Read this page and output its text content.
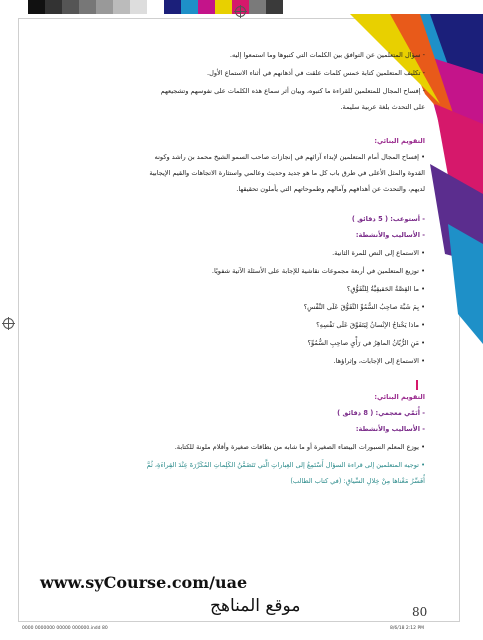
- سؤال المتعلمين عن التوافق بين الكلمات التي كتبوها وما استمعوا إليه.
- تكليف المتعلمين كتابة خمس كلمات علقت في أذهانهم في أثناء الاستماع الأول.
- إفساح المجال للمتعلمين للقراءة ما كتبوه، وبيان أثر سماع هذه الكلمات على نفوسهم وتشجيعهم
على التحدث بلغة عربية سليمة.
التقويم البنائي:
• إفساح المجال أمام المتعلمين لإبداء آرائهم في إنجازات صاحب السمو الشيخ محمد بن راشد وكونه
القدوة والمثل الأعلى في طرق باب كل ما هو جديد وحديث وعالمي واستثارة الاتجاهات والقيم الإيجابية
لديهم، والتحدث عن أهدافهم وآمالهم وطموحاتهم التي يأملون تحقيقها.
- أستوعب: ( 5 دقائق )
- الأساليب والأنشطة:
• الاستماع إلى النص للمرة الثانية.
• توزيع المتعلمين في أربعة مجموعات نقاشية للإجابة على الأسئلة الآتية شفويًا.
• ما القِصَّةُ الحَقيقِيَّةُ لِلتَّفَوُّقِ؟
• بِمَ شَبَّهَ صاحِبُ السُّمُوِّ التَّفَوُّقَ عَلَى النَّفْسِ؟
• ماذا يَحْتاجُ الإنْسانُ لِيَتَفَوَّقَ عَلَى نَفْسِهِ؟
• مَنِ الرُّبّانُ الماهِرُ في رَأْيِ صاحِبِ السُّمُوِّ؟
• الاستماع إلى الإجابات، وإثراؤها.
التقويم البنائي:
- أُنَمّي معجمي: ( 8 دقائق )
- الأساليب والأنشطة:
• يوزع المعلم السبورات البيضاء الصغيرة أو ما شابه من بطاقات صغيرة وأقلام ملونة للكتابة.
• توجيه المتعلمين إلى قراءة السؤال أَسْتَمِعُ إلى العِباراتِ الَّتي تَتَضَمَّنُ الكَلِماتِ المُكَرَّرَةَ عِنْدَ القِراءَةِ، ثُمَّ
أُفَسِّرُ مَعْناها مِنْ خِلالِ السِّياقِ: (في كتاب الطالب)
www.syCourse.com/uae
80
موقع المناهج
0000 0000000 00000 000000.indd 80	8/6/18 2:12 PM
